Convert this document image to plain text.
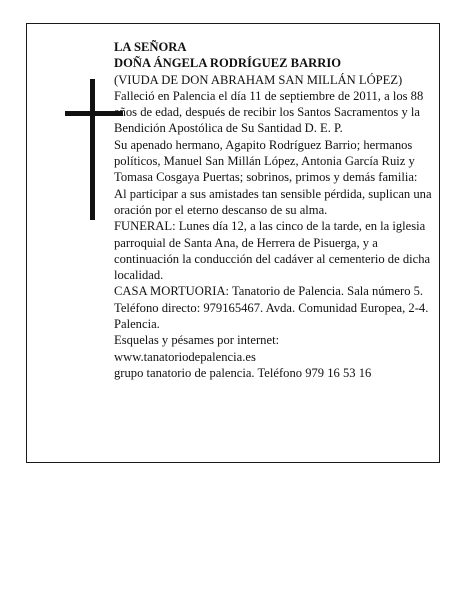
LA SEÑORA

DOÑA ÁNGELA RODRÍGUEZ BARRIO

(VIUDA DE DON ABRAHAM SAN MILLÁN LÓPEZ)

Falleció en Palencia el día 11 de septiembre de 2011, a los 88 años de edad, después de recibir los Santos Sacramentos y la Bendición Apostólica de Su Santidad D. E. P.

Su apenado hermano, Agapito Rodríguez Barrio; hermanos políticos, Manuel San Millán López, Antonia García Ruiz y Tomasa Cosgaya Puertas; sobrinos, primos y demás familia:

Al participar a sus amistades tan sensible pérdida, suplican una oración por el eterno descanso de su alma.

FUNERAL: Lunes día 12, a las cinco de la tarde, en la iglesia parroquial de Santa Ana, de Herrera de Pisuerga, y a continuación la conducción del cadáver al cementerio de dicha localidad.

CASA MORTUORIA: Tanatorio de Palencia. Sala número 5. Teléfono directo: 979165467. Avda. Comunidad Europea, 2-4. Palencia.

Esquelas y pésames por internet:

www.tanatoriodepalencia.es

grupo tanatorio de palencia. Teléfono 979 16 53 16
